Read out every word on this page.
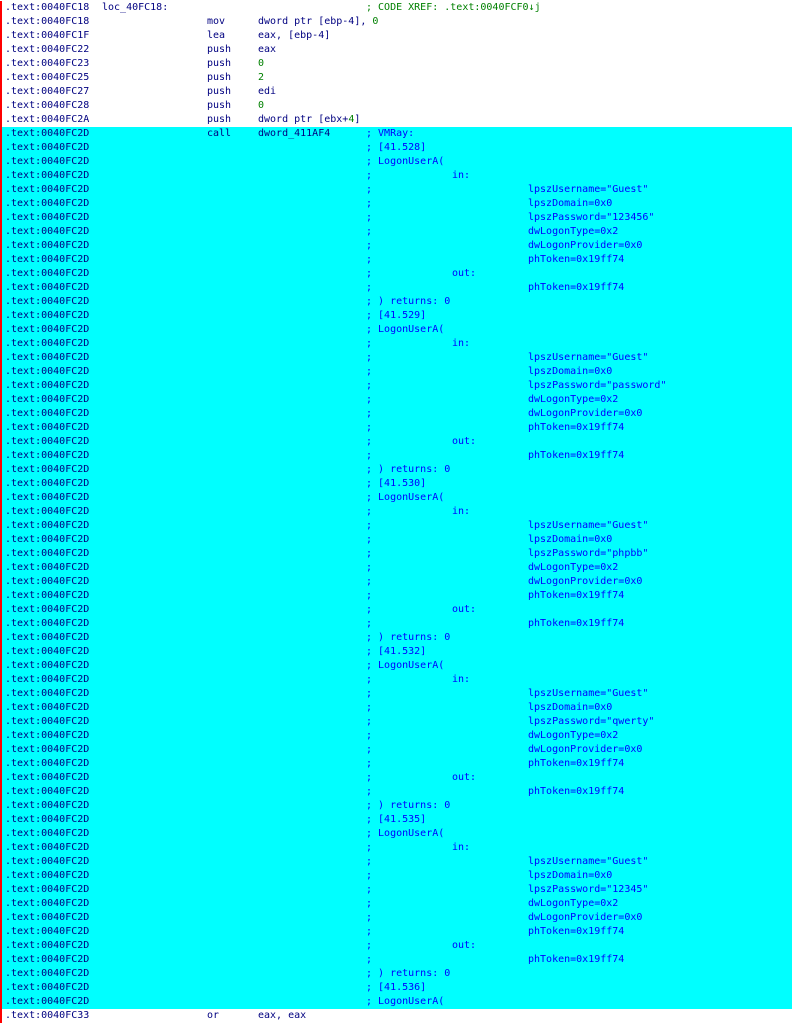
.text:0040FC18 loc_40FC18:	; CODE XREF: .text:0040FCF0↓j
.text:0040FC18	mov	dword ptr [ebp-4], 0
.text:0040FC1F	lea	eax, [ebp-4]
.text:0040FC22	push	eax
.text:0040FC23	push	0
.text:0040FC25	push	2
.text:0040FC27	push	edi
.text:0040FC28	push	0
.text:0040FC2A	push	dword ptr [ebx+4]
.text:0040FC2D	call	dword_411AF4	; VMRay:
.text:0040FC2D	; [41.528]
.text:0040FC2D	; LogonUserA(
.text:0040FC2D	;	in:
.text:0040FC2D	;	lpszUsername="Guest"
.text:0040FC2D	;	lpszDomain=0x0
.text:0040FC2D	;	lpszPassword="123456"
.text:0040FC2D	;	dwLogonType=0x2
.text:0040FC2D	;	dwLogonProvider=0x0
.text:0040FC2D	;	phToken=0x19ff74
.text:0040FC2D	;	out:
.text:0040FC2D	;	phToken=0x19ff74
.text:0040FC2D	; ) returns: 0
.text:0040FC2D	; [41.529]
.text:0040FC2D	; LogonUserA(
.text:0040FC2D	;	in:
.text:0040FC2D	;	lpszUsername="Guest"
.text:0040FC2D	;	lpszDomain=0x0
.text:0040FC2D	;	lpszPassword="password"
.text:0040FC2D	;	dwLogonType=0x2
.text:0040FC2D	;	dwLogonProvider=0x0
.text:0040FC2D	;	phToken=0x19ff74
.text:0040FC2D	;	out:
.text:0040FC2D	;	phToken=0x19ff74
.text:0040FC2D	; ) returns: 0
.text:0040FC2D	; [41.530]
.text:0040FC2D	; LogonUserA(
.text:0040FC2D	;	in:
.text:0040FC2D	;	lpszUsername="Guest"
.text:0040FC2D	;	lpszDomain=0x0
.text:0040FC2D	;	lpszPassword="phpbb"
.text:0040FC2D	;	dwLogonType=0x2
.text:0040FC2D	;	dwLogonProvider=0x0
.text:0040FC2D	;	phToken=0x19ff74
.text:0040FC2D	;	out:
.text:0040FC2D	;	phToken=0x19ff74
.text:0040FC2D	; ) returns: 0
.text:0040FC2D	; [41.532]
.text:0040FC2D	; LogonUserA(
.text:0040FC2D	;	in:
.text:0040FC2D	;	lpszUsername="Guest"
.text:0040FC2D	;	lpszDomain=0x0
.text:0040FC2D	;	lpszPassword="qwerty"
.text:0040FC2D	;	dwLogonType=0x2
.text:0040FC2D	;	dwLogonProvider=0x0
.text:0040FC2D	;	phToken=0x19ff74
.text:0040FC2D	;	out:
.text:0040FC2D	;	phToken=0x19ff74
.text:0040FC2D	; ) returns: 0
.text:0040FC2D	; [41.535]
.text:0040FC2D	; LogonUserA(
.text:0040FC2D	;	in:
.text:0040FC2D	;	lpszUsername="Guest"
.text:0040FC2D	;	lpszDomain=0x0
.text:0040FC2D	;	lpszPassword="12345"
.text:0040FC2D	;	dwLogonType=0x2
.text:0040FC2D	;	dwLogonProvider=0x0
.text:0040FC2D	;	phToken=0x19ff74
.text:0040FC2D	;	out:
.text:0040FC2D	;	phToken=0x19ff74
.text:0040FC2D	; ) returns: 0
.text:0040FC2D	; [41.536]
.text:0040FC2D	; LogonUserA(
.text:0040FC33	or	eax, eax
